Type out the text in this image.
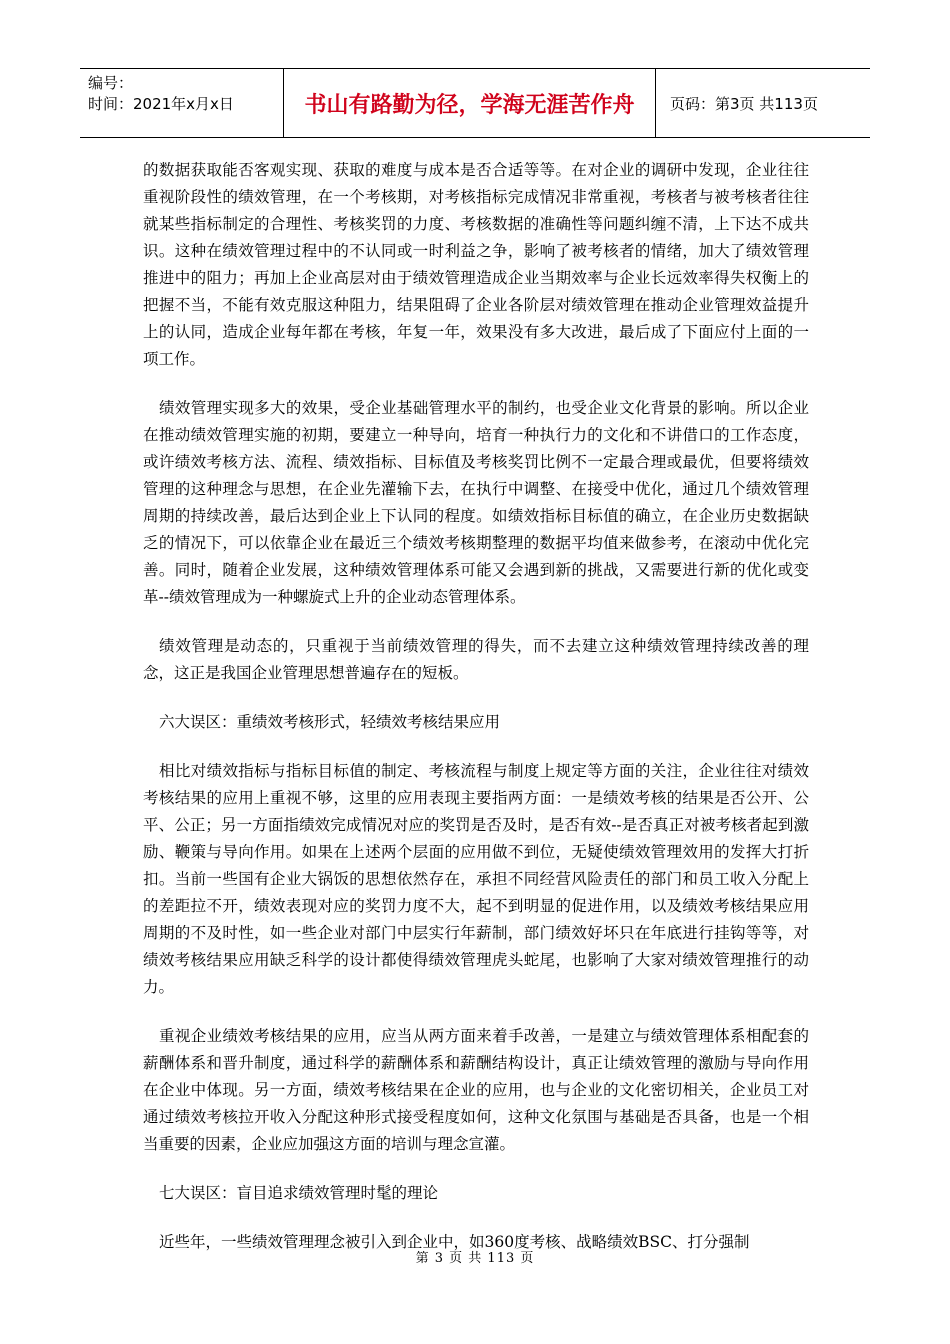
编号：
时间：2021年x月x日	书山有路勤为径，学海无涯苦作舟	页码：第3页 共113页

的数据获取能否客观实现、获取的难度与成本是否合适等等。在对企业的调研中发现，企业往往重视阶段性的绩效管理，在一个考核期，对考核指标完成情况非常重视，考核者与被考核者往往就某些指标制定的合理性、考核奖罚的力度、考核数据的准确性等问题纠缠不清，上下达不成共识。这种在绩效管理过程中的不认同或一时利益之争，影响了被考核者的情绪，加大了绩效管理推进中的阻力；再加上企业高层对由于绩效管理造成企业当期效率与企业长远效率得失权衡上的把握不当，不能有效克服这种阻力，结果阻碍了企业各阶层对绩效管理在推动企业管理效益提升上的认同，造成企业每年都在考核，年复一年，效果没有多大改进，最后成了下面应付上面的一项工作。

绩效管理实现多大的效果，受企业基础管理水平的制约，也受企业文化背景的影响。所以企业在推动绩效管理实施的初期，要建立一种导向，培育一种执行力的文化和不讲借口的工作态度，或许绩效考核方法、流程、绩效指标、目标值及考核奖罚比例不一定最合理或最优，但要将绩效管理的这种理念与思想，在企业先灌输下去，在执行中调整、在接受中优化，通过几个绩效管理周期的持续改善，最后达到企业上下认同的程度。如绩效指标目标值的确立，在企业历史数据缺乏的情况下，可以依靠企业在最近三个绩效考核期整理的数据平均值来做参考，在滚动中优化完善。同时，随着企业发展，这种绩效管理体系可能又会遇到新的挑战，又需要进行新的优化或变革--绩效管理成为一种螺旋式上升的企业动态管理体系。

绩效管理是动态的，只重视于当前绩效管理的得失，而不去建立这种绩效管理持续改善的理念，这正是我国企业管理思想普遍存在的短板。

六大误区：重绩效考核形式，轻绩效考核结果应用

相比对绩效指标与指标目标值的制定、考核流程与制度上规定等方面的关注，企业往往对绩效考核结果的应用上重视不够，这里的应用表现主要指两方面：一是绩效考核的结果是否公开、公平、公正；另一方面指绩效完成情况对应的奖罚是否及时，是否有效--是否真正对被考核者起到激励、鞭策与导向作用。如果在上述两个层面的应用做不到位，无疑使绩效管理效用的发挥大打折扣。当前一些国有企业大锅饭的思想依然存在，承担不同经营风险责任的部门和员工收入分配上的差距拉不开，绩效表现对应的奖罚力度不大，起不到明显的促进作用，以及绩效考核结果应用周期的不及时性，如一些企业对部门中层实行年薪制，部门绩效好坏只在年底进行挂钩等等，对绩效考核结果应用缺乏科学的设计都使得绩效管理虎头蛇尾，也影响了大家对绩效管理推行的动力。

重视企业绩效考核结果的应用，应当从两方面来着手改善，一是建立与绩效管理体系相配套的薪酬体系和晋升制度，通过科学的薪酬体系和薪酬结构设计，真正让绩效管理的激励与导向作用在企业中体现。另一方面，绩效考核结果在企业的应用，也与企业的文化密切相关，企业员工对通过绩效考核拉开收入分配这种形式接受程度如何，这种文化氛围与基础是否具备，也是一个相当重要的因素，企业应加强这方面的培训与理念宣灌。

七大误区：盲目追求绩效管理时髦的理论

近些年，一些绩效管理理念被引入到企业中，如360度考核、战略绩效BSC、打分强制

第 3 页 共 113 页
